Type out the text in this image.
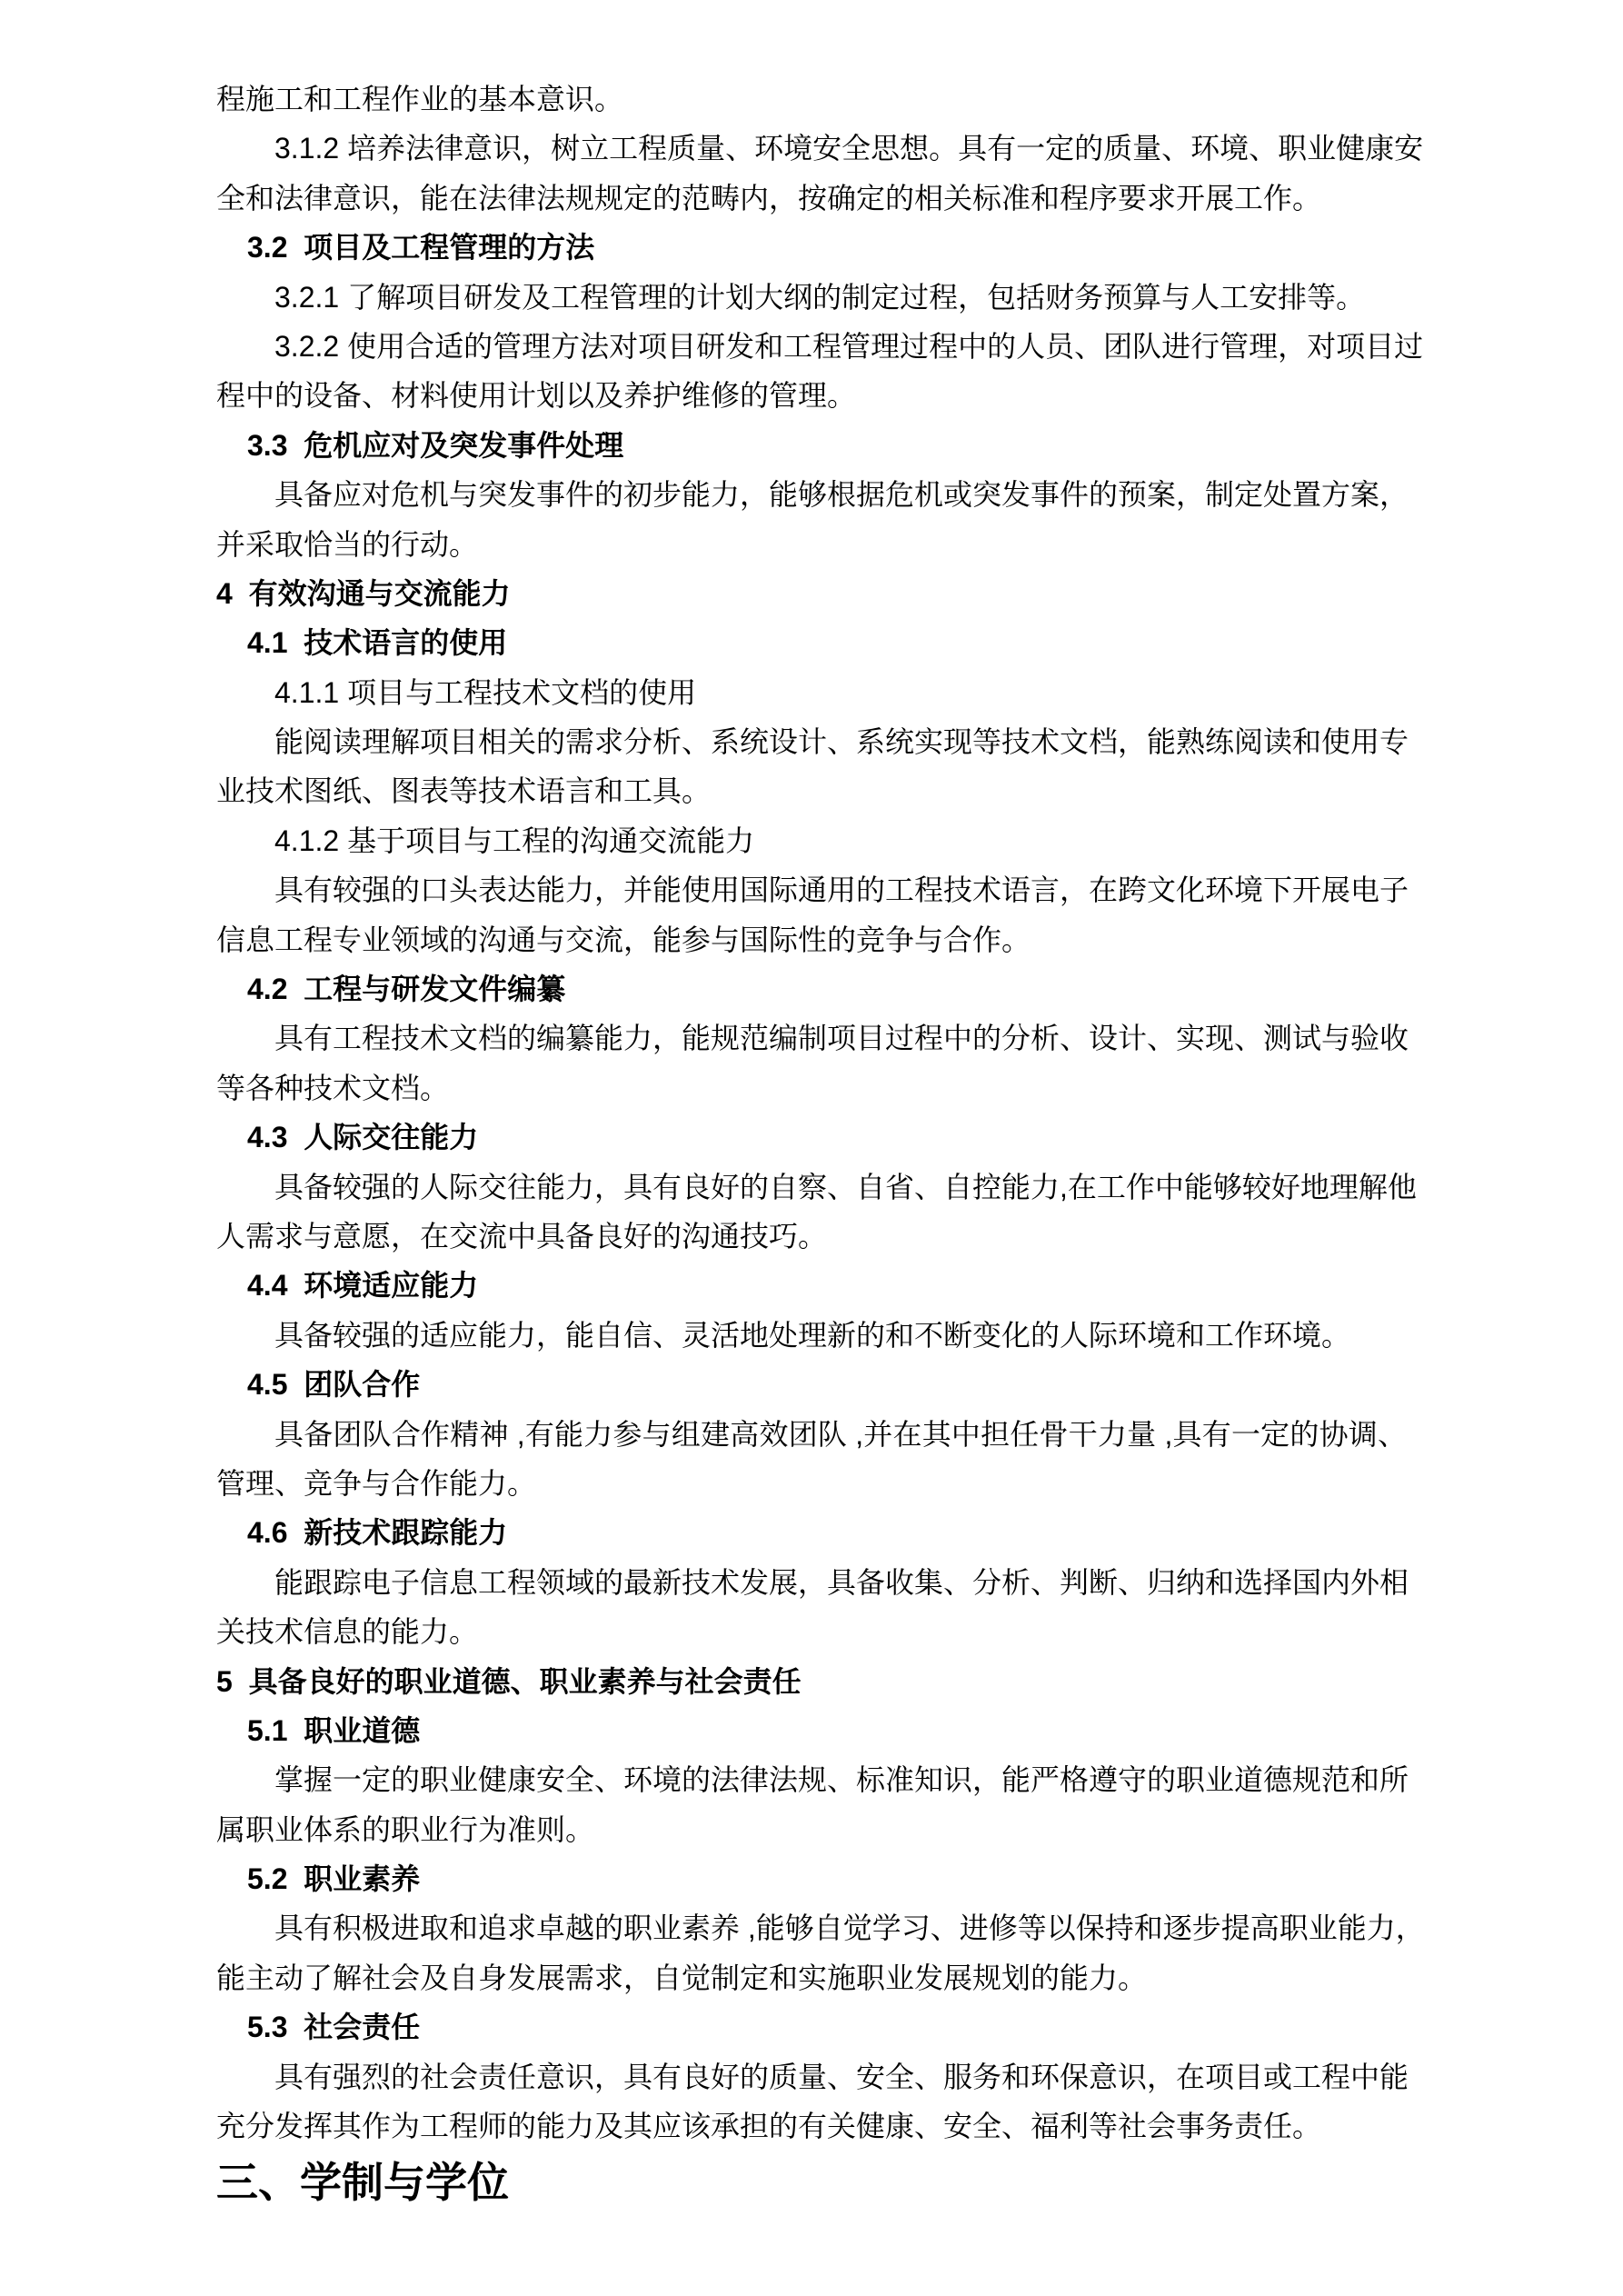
程施工和工程作业的基本意识。
3.1.2 培养法律意识，树立工程质量、环境安全思想。具有一定的质量、环境、职业健康安
全和法律意识，能在法律法规规定的范畴内，按确定的相关标准和程序要求开展工作。
3.2  项目及工程管理的方法
3.2.1 了解项目研发及工程管理的计划大纲的制定过程，包括财务预算与人工安排等。
3.2.2 使用合适的管理方法对项目研发和工程管理过程中的人员、团队进行管理，对项目过
程中的设备、材料使用计划以及养护维修的管理。
3.3  危机应对及突发事件处理
具备应对危机与突发事件的初步能力，能够根据危机或突发事件的预案，制定处置方案，
并采取恰当的行动。
4  有效沟通与交流能力
4.1  技术语言的使用
4.1.1 项目与工程技术文档的使用
能阅读理解项目相关的需求分析、系统设计、系统实现等技术文档，能熟练阅读和使用专
业技术图纸、图表等技术语言和工具。
4.1.2 基于项目与工程的沟通交流能力
具有较强的口头表达能力，并能使用国际通用的工程技术语言，在跨文化环境下开展电子
信息工程专业领域的沟通与交流，能参与国际性的竞争与合作。
4.2  工程与研发文件编纂
具有工程技术文档的编纂能力，能规范编制项目过程中的分析、设计、实现、测试与验收
等各种技术文档。
4.3  人际交往能力
具备较强的人际交往能力，具有良好的自察、自省、自控能力,在工作中能够较好地理解他
人需求与意愿，在交流中具备良好的沟通技巧。
4.4  环境适应能力
具备较强的适应能力，能自信、灵活地处理新的和不断变化的人际环境和工作环境。
4.5  团队合作
具备团队合作精神 ,有能力参与组建高效团队 ,并在其中担任骨干力量 ,具有一定的协调、
管理、竞争与合作能力。
4.6  新技术跟踪能力
能跟踪电子信息工程领域的最新技术发展，具备收集、分析、判断、归纳和选择国内外相
关技术信息的能力。
5  具备良好的职业道德、职业素养与社会责任
5.1  职业道德
掌握一定的职业健康安全、环境的法律法规、标准知识，能严格遵守的职业道德规范和所
属职业体系的职业行为准则。
5.2  职业素养
具有积极进取和追求卓越的职业素养 ,能够自觉学习、进修等以保持和逐步提高职业能力，
能主动了解社会及自身发展需求，自觉制定和实施职业发展规划的能力。
5.3  社会责任
具有强烈的社会责任意识，具有良好的质量、安全、服务和环保意识，在项目或工程中能
充分发挥其作为工程师的能力及其应该承担的有关健康、安全、福利等社会事务责任。
三、学制与学位
